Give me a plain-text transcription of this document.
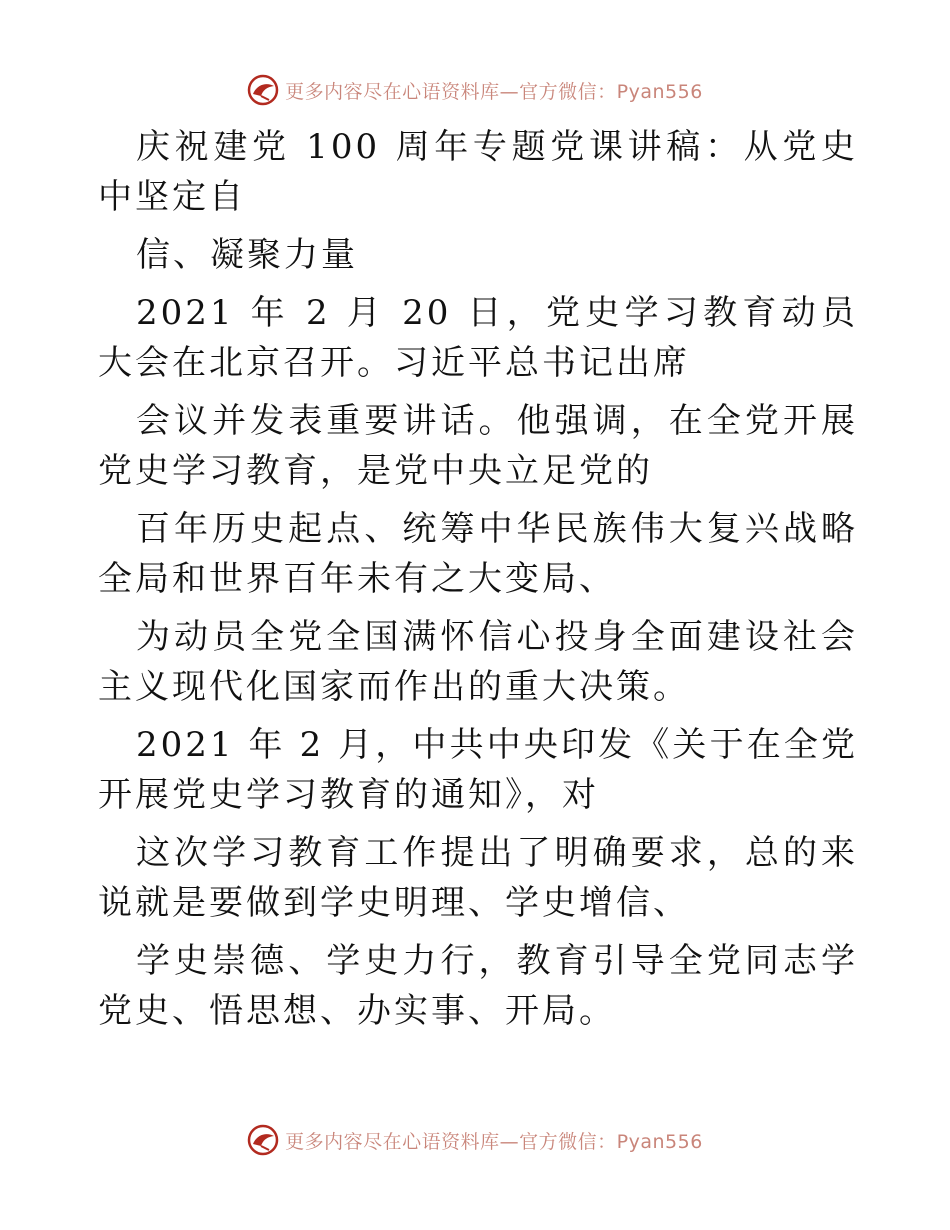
更多内容尽在心语资料库—官方微信：Pyan556

庆祝建党 100 周年专题党课讲稿：从党史中坚定自

信、凝聚力量

2021 年 2 月 20 日，党史学习教育动员大会在北京召开。习近平总书记出席

会议并发表重要讲话。他强调，在全党开展党史学习教育，是党中央立足党的

百年历史起点、统筹中华民族伟大复兴战略全局和世界百年未有之大变局、

为动员全党全国满怀信心投身全面建设社会主义现代化国家而作出的重大决策。

2021 年 2 月，中共中央印发《关于在全党开展党史学习教育的通知》，对

这次学习教育工作提出了明确要求，总的来说就是要做到学史明理、学史增信、

学史崇德、学史力行，教育引导全党同志学党史、悟思想、办实事、开局。

更多内容尽在心语资料库—官方微信：Pyan556
